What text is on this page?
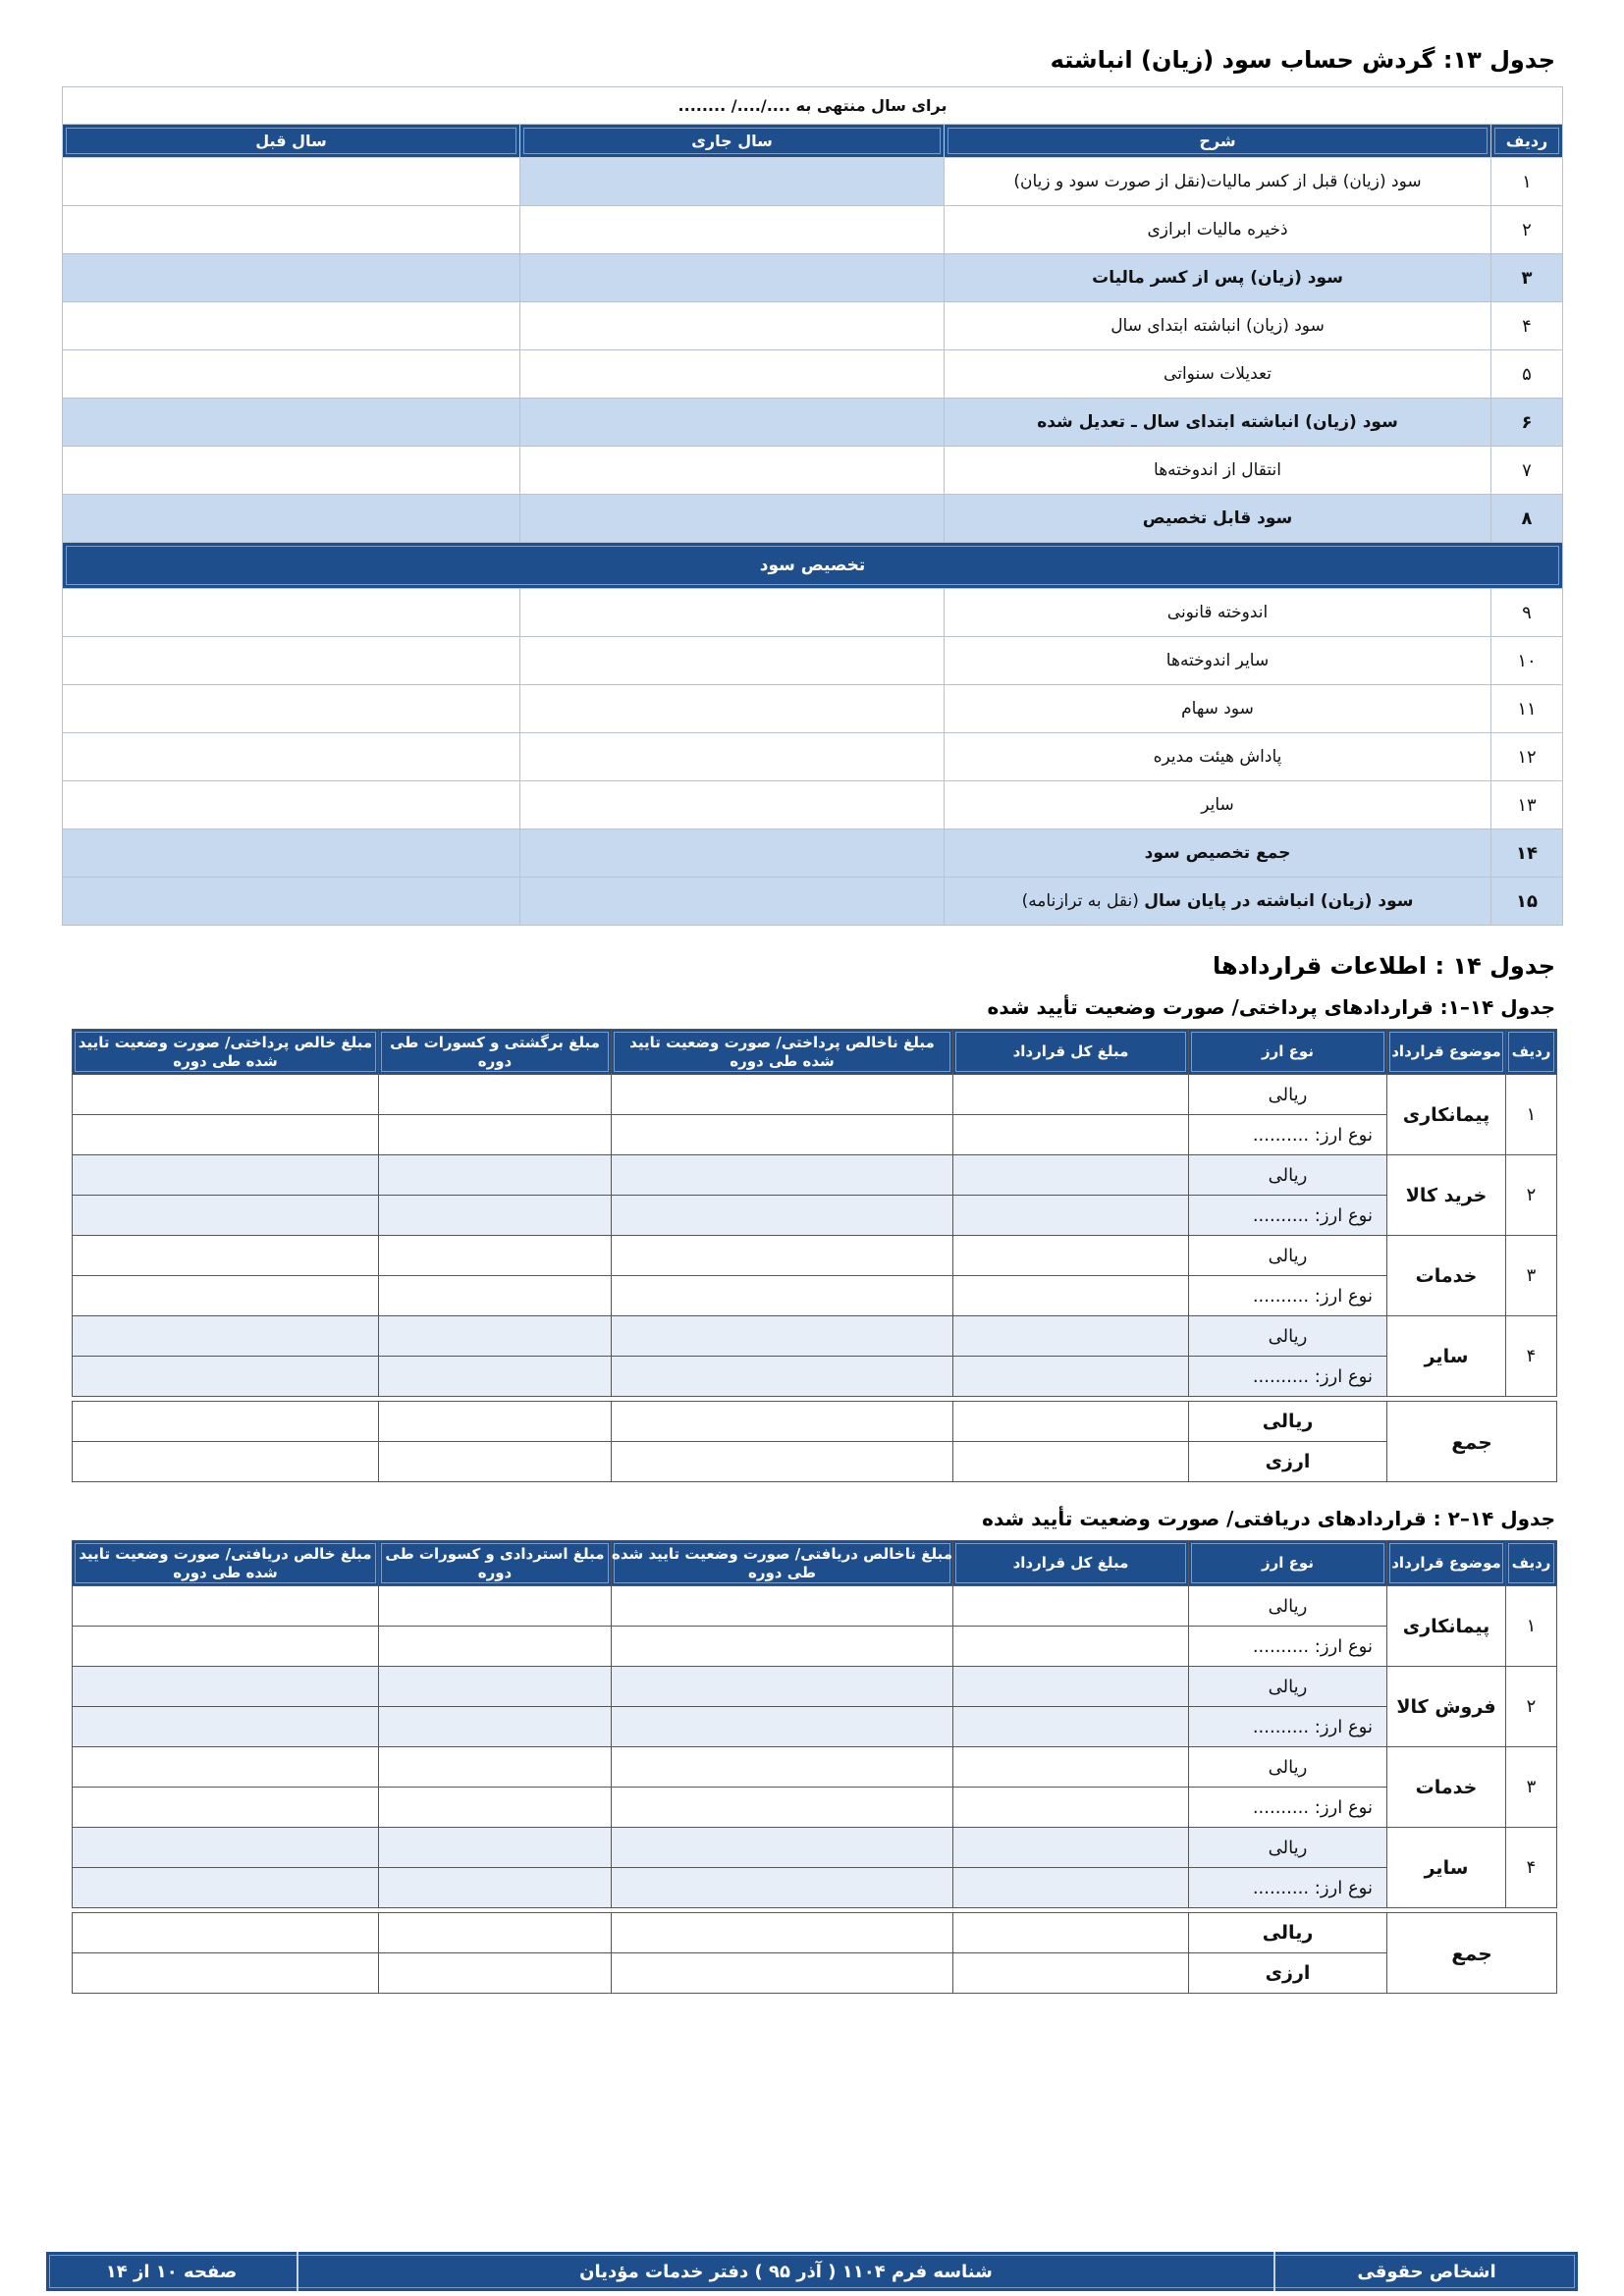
جدول ۱۳: گردش حساب سود (زیان) انباشته
برای سال منتهی به ..../..../ ........			
ردیف	شرح	سال جاری	سال قبل
۱	سود (زیان) قبل از کسر مالیات(نقل از صورت سود و زیان)		
۲	ذخیره مالیات ابرازی		
۳	سود (زیان) پس از کسر مالیات		
۴	سود (زیان) انباشته ابتدای سال		
۵	تعدیلات سنواتی		
۶	سود (زیان) انباشته ابتدای سال ـ تعدیل شده		
۷	انتقال از اندوخته‌ها		
۸	سود قابل تخصیص		
تخصیص سود			
۹	اندوخته قانونی		
۱۰	سایر اندوخته‌ها		
۱۱	سود سهام		
۱۲	پاداش هیئت مدیره		
۱۳	سایر		
۱۴	جمع تخصیص سود		
۱۵	سود (زیان) انباشته در پایان سال (نقل به ترازنامه)		
جدول ۱۴ : اطلاعات قراردادها
جدول ۱۴–۱: قراردادهای پرداختی/ صورت وضعیت تأیید شده
ردیف	موضوع قرارداد	نوع ارز	مبلغ کل قرارداد	مبلغ ناخالص پرداختی/ صورت وضعیت تایید شده طی دوره	مبلغ برگشتی و کسورات طی دوره	مبلغ خالص پرداختی/ صورت وضعیت تایید شده طی دوره
۱	پیمانکاری	ریالی				
		نوع ارز: ..........				
۲	خرید کالا	ریالی				
		نوع ارز: ..........				
۳	خدمات	ریالی				
		نوع ارز: ..........				
۴	سایر	ریالی				
		نوع ارز: ..........				

جمع		ریالی				
		ارزی				
جدول ۱۴–۲ : قراردادهای دریافتی/ صورت وضعیت تأیید شده
ردیف	موضوع قرارداد	نوع ارز	مبلغ کل قرارداد	مبلغ ناخالص دریافتی/ صورت وضعیت تایید شده طی دوره	مبلغ استردادی و کسورات طی دوره	مبلغ خالص دریافتی/ صورت وضعیت تایید شده طی دوره
۱	پیمانکاری	ریالی				
		نوع ارز: ..........				
۲	فروش کالا	ریالی				
		نوع ارز: ..........				
۳	خدمات	ریالی				
		نوع ارز: ..........				
۴	سایر	ریالی				
		نوع ارز: ..........				

جمع		ریالی				
		ارزی				
اشخاص حقوقی
شناسه فرم ۱۱۰۴ ( آذر ۹۵ ) دفتر خدمات مؤدیان
صفحه ۱۰ از ۱۴
